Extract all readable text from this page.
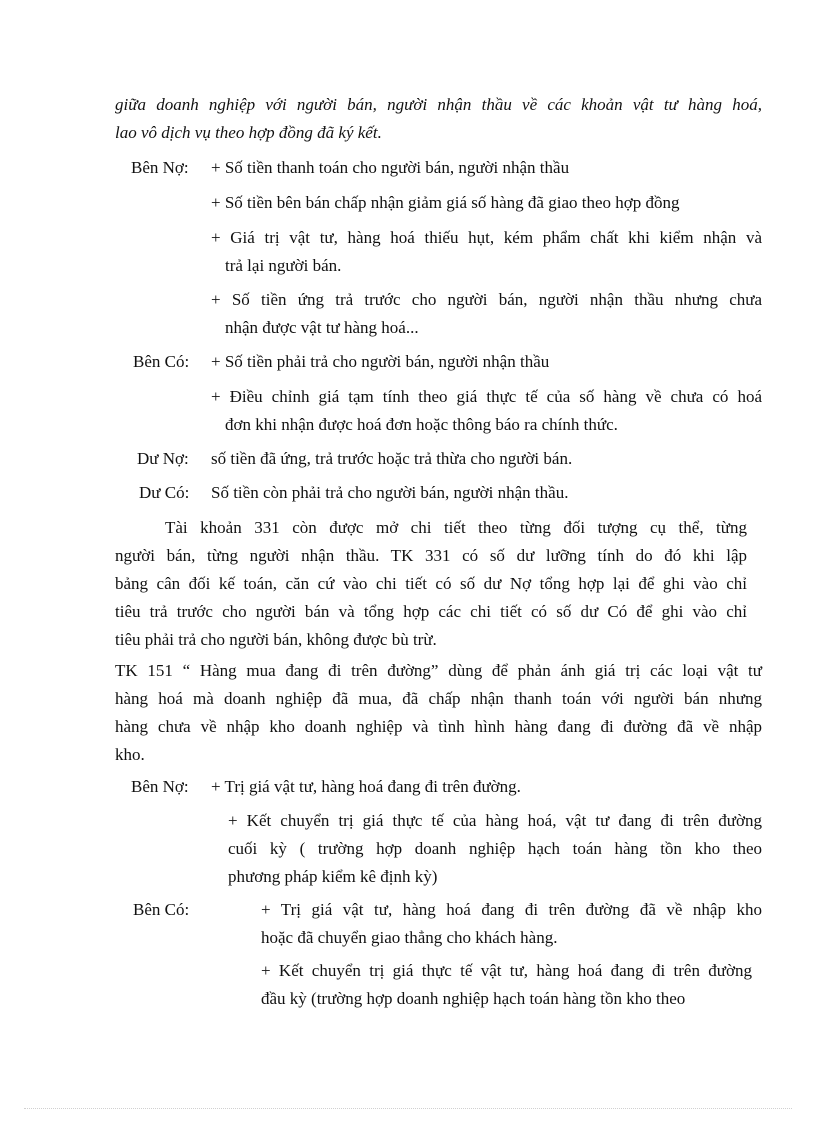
giữa doanh nghiệp với người bán, người nhận thầu về các khoản vật tư hàng hoá,
lao vô dịch vụ theo hợp đồng đã ký kết.
Bên Nợ: + Số tiền thanh toán cho người bán, người nhận thầu
+ Số tiền bên bán chấp nhận giảm giá số hàng đã giao theo hợp đồng
+ Giá trị vật tư, hàng hoá thiếu hụt, kém phẩm chất khi kiểm nhận và
trả lại người bán.
+ Số tiền ứng trả trước cho người bán, người nhận thầu nhưng chưa
nhận được vật tư hàng hoá...
Bên Có: + Số tiền phải trả cho người bán, người nhận thầu
+ Điều chỉnh giá tạm tính theo giá thực tế của số hàng về chưa có hoá
đơn khi nhận được hoá đơn hoặc thông báo ra chính thức.
Dư Nợ: số tiền đã ứng, trả trước hoặc trả thừa cho người bán.
Dư Có: Số tiền còn phải trả cho người bán, người nhận thầu.
Tài khoản 331 còn được mở chi tiết theo từng đối tượng cụ thể, từng
người bán, từng người nhận thầu. TK 331 có số dư lưỡng tính do đó khi lập
bảng cân đối kế toán, căn cứ vào chi tiết có số dư Nợ tổng hợp lại để ghi vào chỉ
tiêu trả trước cho người bán và tổng hợp các chi tiết có số dư Có để ghi vào chỉ
tiêu phải trả cho người bán, không được bù trừ.
TK 151 “ Hàng mua đang đi trên đường” dùng để phản ánh giá trị các loại vật tư
hàng hoá mà doanh nghiệp đã mua, đã chấp nhận thanh toán với người bán nhưng
hàng chưa về nhập kho doanh nghiệp và tình hình hàng đang đi đường đã về nhập
kho.
Bên Nợ: + Trị giá vật tư, hàng hoá đang đi trên đường.
+ Kết chuyển trị giá thực tế của hàng hoá, vật tư đang đi trên đường
cuối kỳ ( trường hợp doanh nghiệp hạch toán hàng tồn kho theo
phương pháp kiểm kê định kỳ)
Bên Có:	+ Trị giá vật tư, hàng hoá đang đi trên đường đã về nhập kho
hoặc đã chuyển giao thẳng cho khách hàng.
+ Kết chuyển trị giá thực tế vật tư, hàng hoá đang đi trên đường
đầu kỳ (trường hợp doanh nghiệp hạch toán hàng tồn kho theo
